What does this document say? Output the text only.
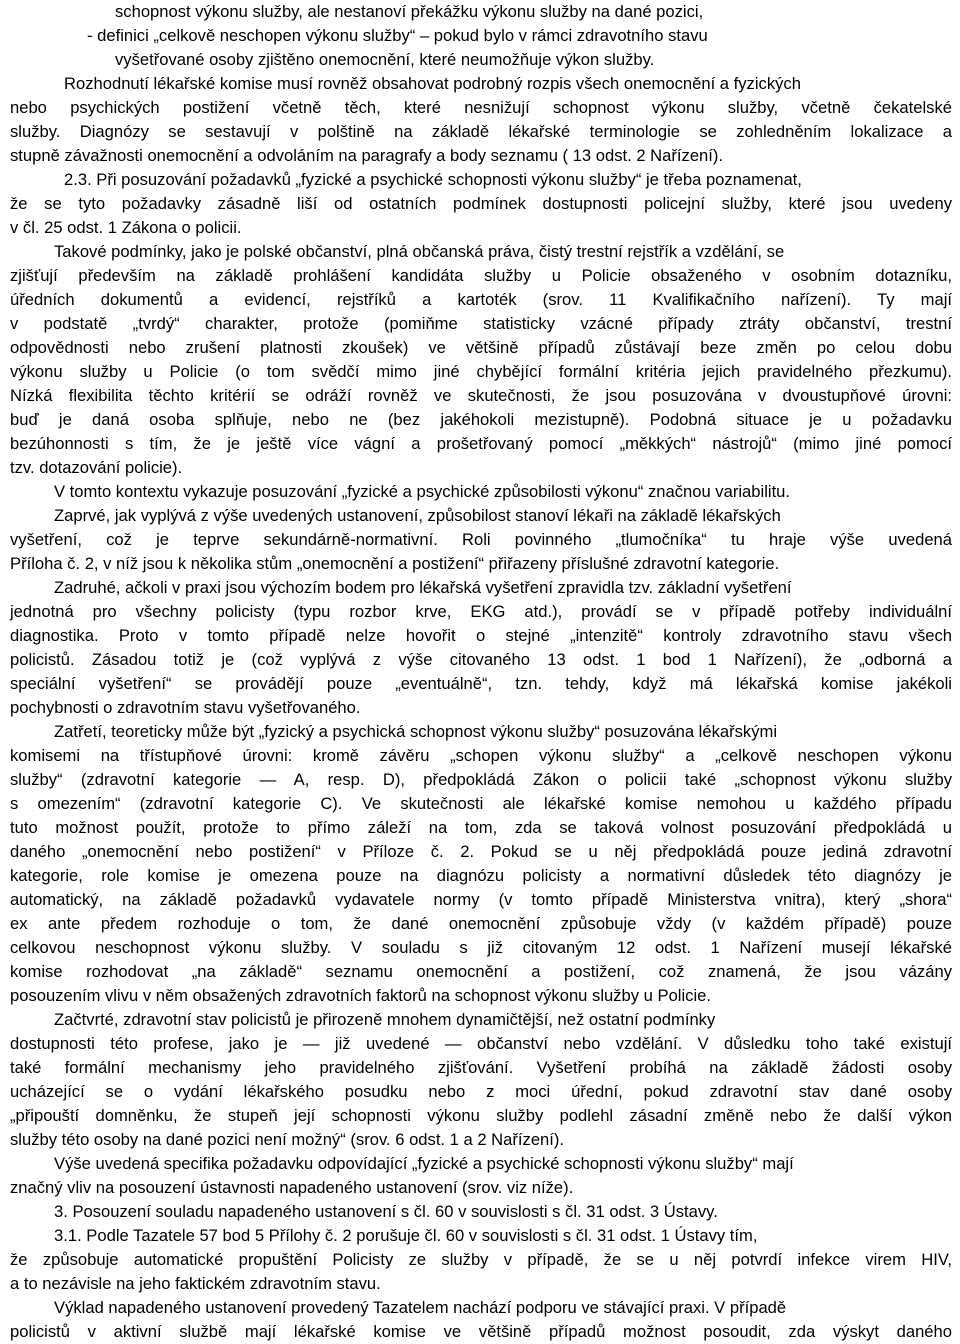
schopnost výkonu služby, ale nestanoví překážku výkonu služby na dané pozici,
- definici „celkově neschopen výkonu služby“ – pokud bylo v rámci zdravotního stavu
vyšetřované osoby zjištěno onemocnění, které neumožňuje výkon služby.
Rozhodnutí lékařské komise musí rovněž obsahovat podrobný rozpis všech onemocnění a fyzických
nebo psychických postižení včetně těch, které nesnižují schopnost výkonu služby, včetně čekatelské
služby. Diagnózy se sestavují v polštině na základě lékařské terminologie se zohledněním lokalizace a
stupně závažnosti onemocnění a odvoláním na paragrafy a body seznamu ( 13 odst. 2 Nařízení).
2.3. Při posuzování požadavků „fyzické a psychické schopnosti výkonu služby“ je třeba poznamenat,
že se tyto požadavky zásadně liší od ostatních podmínek dostupnosti policejní služby, které jsou uvedeny
v čl. 25 odst. 1 Zákona o policii.
Takové podmínky, jako je polské občanství, plná občanská práva, čistý trestní rejstřík a vzdělání, se
zjišťují především na základě prohlášení kandidáta služby u Policie obsaženého v osobním dotazníku,
úředních dokumentů a evidencí, rejstříků a kartoték (srov. 11 Kvalifikačního nařízení). Ty mají
v podstatě „tvrdý“ charakter, protože (pomiňme statisticky vzácné případy ztráty občanství, trestní
odpovědnosti nebo zrušení platnosti zkoušek) ve většině případů zůstávají beze změn po celou dobu
výkonu služby u Policie (o tom svědčí mimo jiné chybějící formální kritéria jejich pravidelného přezkumu).
Nízká flexibilita těchto kritérií se odráží rovněž ve skutečnosti, že jsou posuzována v dvoustupňové úrovni:
buď je daná osoba splňuje, nebo ne (bez jakéhokoli mezistupně). Podobná situace je u požadavku
bezúhonnosti s tím, že je ještě více vágní a prošetřovaný pomocí „měkkých“ nástrojů“ (mimo jiné pomocí
tzv. dotazování policie).
V tomto kontextu vykazuje posuzování „fyzické a psychické způsobilosti výkonu“ značnou variabilitu.
Zaprvé, jak vyplývá z výše uvedených ustanovení, způsobilost stanoví lékaři na základě lékařských
vyšetření, což je teprve sekundárně-normativní. Roli povinného „tlumočníka“ tu hraje výše uvedená
Příloha č. 2, v níž jsou k několika stům „onemocnění a postižení“ přiřazeny příslušné zdravotní kategorie.
Zadruhé, ačkoli v praxi jsou výchozím bodem pro lékařská vyšetření zpravidla tzv. základní vyšetření
jednotná pro všechny policisty (typu rozbor krve, EKG atd.), provádí se v případě potřeby individuální
diagnostika. Proto v tomto případě nelze hovořit o stejné „intenzitě“ kontroly zdravotního stavu všech
policistů. Zásadou totiž je (což vyplývá z výše citovaného 13 odst. 1 bod 1 Nařízení), že „odborná a
speciální vyšetření“ se provádějí pouze „eventuálně“, tzn. tehdy, když má lékařská komise jakékoli
pochybnosti o zdravotním stavu vyšetřovaného.
Zatřetí, teoreticky může být „fyzický a psychická schopnost výkonu služby“ posuzována lékařskými
komisemi na třístupňové úrovni: kromě závěru „schopen výkonu služby“ a „celkově neschopen výkonu
služby“ (zdravotní kategorie — A, resp. D), předpokládá Zákon o policii také „schopnost výkonu služby
s omezením“ (zdravotní kategorie C). Ve skutečnosti ale lékařské komise nemohou u každého případu
tuto možnost použít, protože to přímo záleží na tom, zda se taková volnost posuzování předpokládá u
daného „onemocnění nebo postižení“ v Příloze č. 2. Pokud se u něj předpokládá pouze jediná zdravotní
kategorie, role komise je omezena pouze na diagnózu policisty a normativní důsledek této diagnózy je
automatický, na základě požadavků vydavatele normy (v tomto případě Ministerstva vnitra), který „shora“
ex ante předem rozhoduje o tom, že dané onemocnění způsobuje vždy (v každém případě) pouze
celkovou neschopnost výkonu služby. V souladu s již citovaným 12 odst. 1 Nařízení musejí lékařské
komise rozhodovat „na základě“ seznamu onemocnění a postižení, což znamená, že jsou vázány
posouzením vlivu v něm obsažených zdravotních faktorů na schopnost výkonu služby u Policie.
Začtvrté, zdravotní stav policistů je přirozeně mnohem dynamičtější, než ostatní podmínky
dostupnosti této profese, jako je — již uvedené — občanství nebo vzdělání. V důsledku toho také existují
také formální mechanismy jeho pravidelného zjišťování. Vyšetření probíhá na základě žádosti osoby
ucházející se o vydání lékařského posudku nebo z moci úřední, pokud zdravotní stav dané osoby
„připouští domněnku, že stupeň její schopnosti výkonu služby podlehl zásadní změně nebo že další výkon
služby této osoby na dané pozici není možný“ (srov. 6 odst. 1 a 2 Nařízení).
Výše uvedená specifika požadavku odpovídající „fyzické a psychické schopnosti výkonu služby“ mají
značný vliv na posouzení ústavnosti napadeného ustanovení (srov. viz níže).
3. Posouzení souladu napadeného ustanovení s čl. 60 v souvislosti s čl. 31 odst. 3 Ústavy.
3.1. Podle Tazatele 57 bod 5 Přílohy č. 2 porušuje čl. 60 v souvislosti s čl. 31 odst. 1 Ústavy tím,
že způsobuje automatické propuštění Policisty ze služby v případě, že se u něj potvrdí infekce virem HIV,
a to nezávisle na jeho faktickém zdravotním stavu.
Výklad napadeného ustanovení provedený Tazatelem nachází podporu ve stávající praxi. V případě
policistů v aktivní službě mají lékařské komise ve většině případů možnost posoudit, zda výskyt daného
